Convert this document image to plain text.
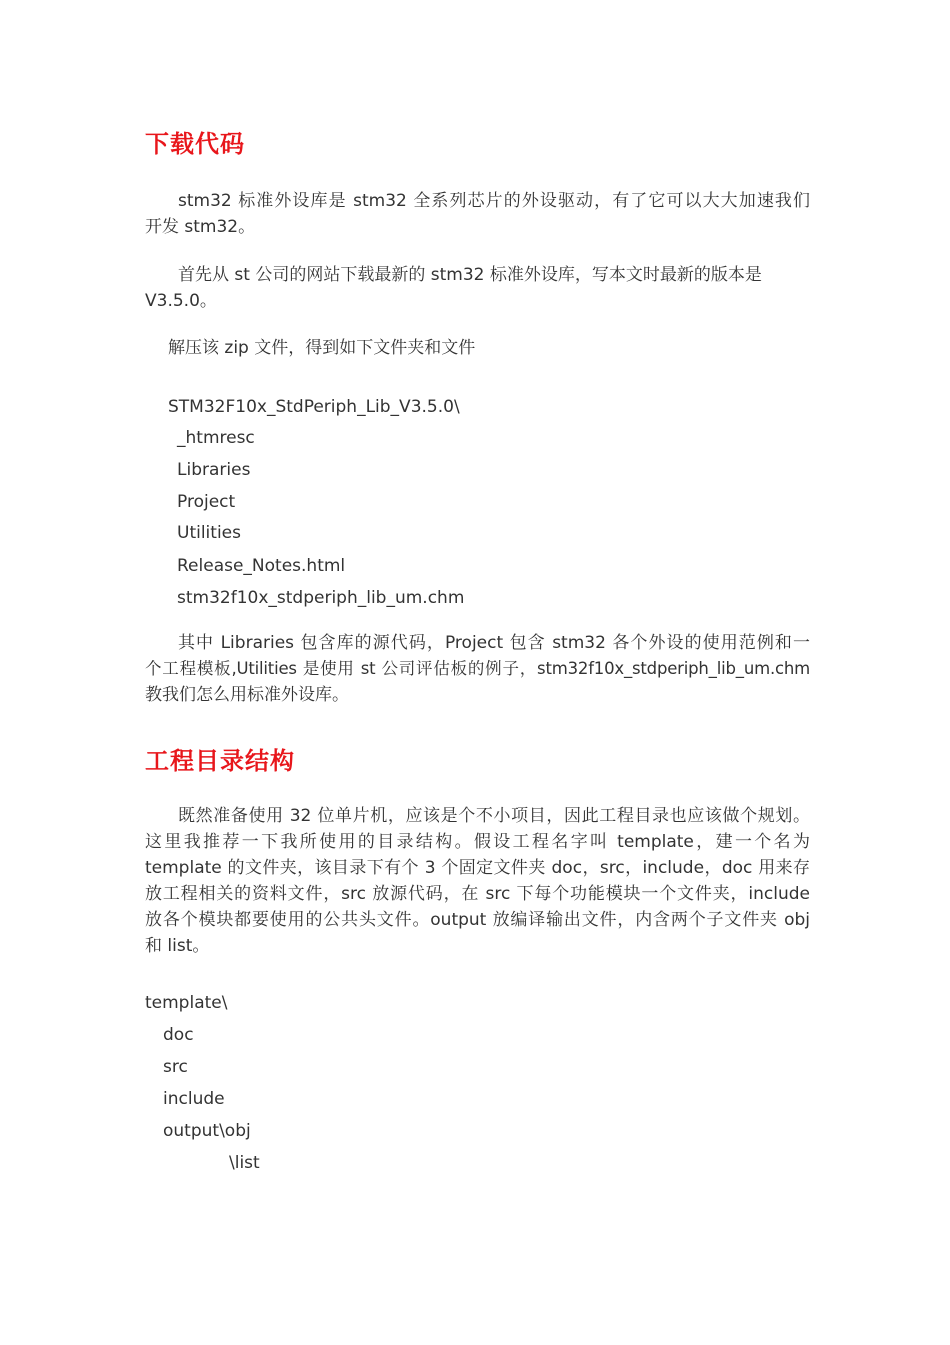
下载代码

stm32 标准外设库是 stm32 全系列芯片的外设驱动，有了它可以大大加速我们
开发 stm32。

首先从 st 公司的网站下载最新的 stm32 标准外设库，写本文时最新的版本是
V3.5.0。

解压该 zip 文件，得到如下文件夹和文件

STM32F10x_StdPeriph_Lib_V3.5.0\

_htmresc

Libraries

Project

Utilities

Release_Notes.html

stm32f10x_stdperiph_lib_um.chm

其中 Libraries 包含库的源代码，Project 包含 stm32 各个外设的使用范例和一
个工程模板,Utilities 是使用 st 公司评估板的例子，stm32f10x_stdperiph_lib_um.chm
教我们怎么用标准外设库。

工程目录结构

既然准备使用 32 位单片机，应该是个不小项目，因此工程目录也应该做个规划。
这里我推荐一下我所使用的目录结构。假设工程名字叫 template，建一个名为
template 的文件夹，该目录下有个 3 个固定文件夹 doc，src，include，doc 用来存
放工程相关的资料文件，src 放源代码，在 src 下每个功能模块一个文件夹，include
放各个模块都要使用的公共头文件。output 放编译输出文件，内含两个子文件夹 obj
和 list。

template\

doc

src

include

output\obj

\list
